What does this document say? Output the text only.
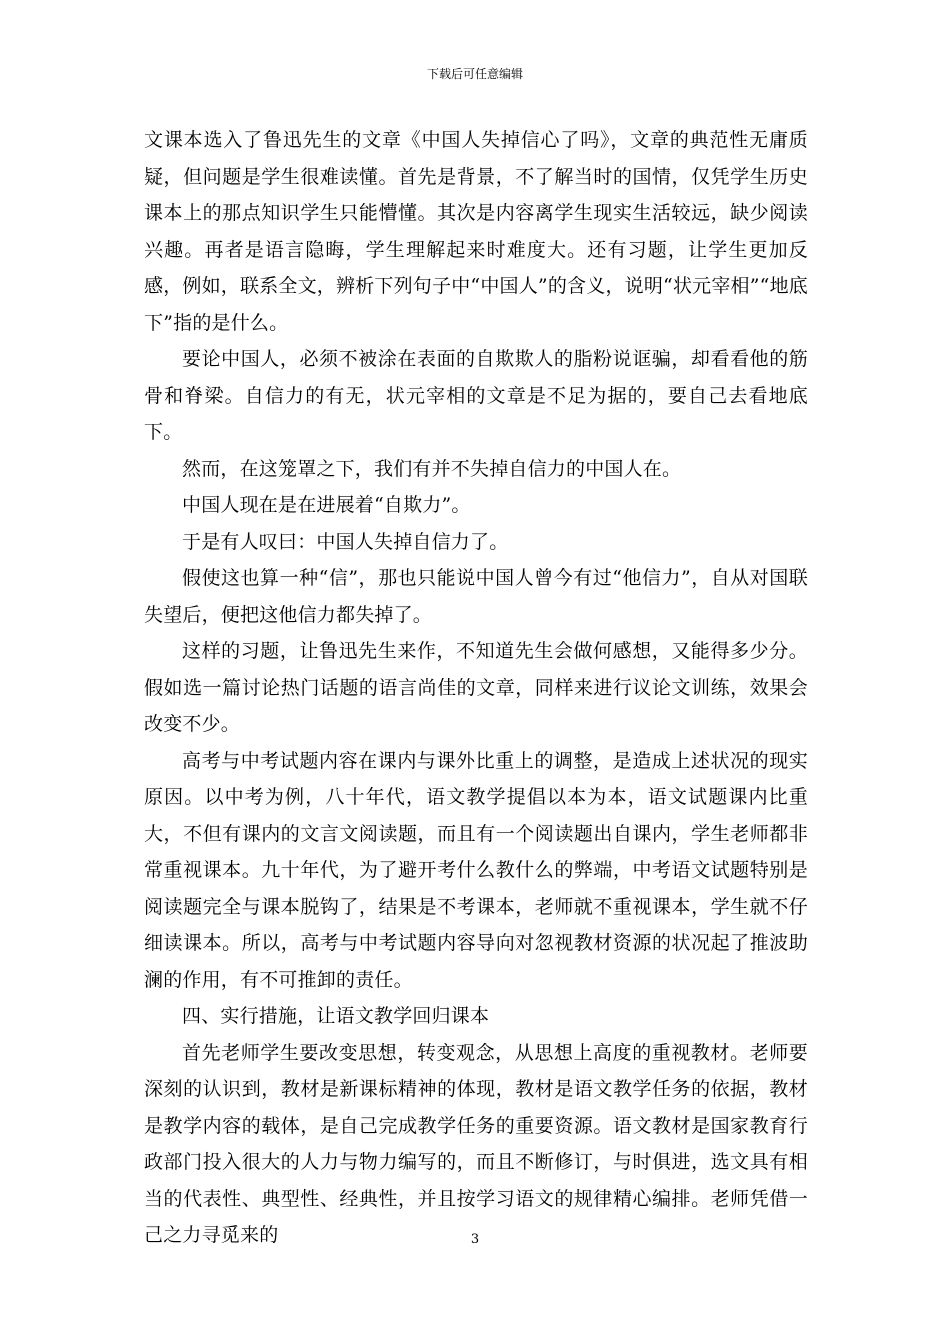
下载后可任意编辑

文课本选入了鲁迅先生的文章《中国人失掉信心了吗》，文章的典范性无庸质疑，但问题是学生很难读懂。首先是背景，不了解当时的国情，仅凭学生历史课本上的那点知识学生只能懵懂。其次是内容离学生现实生活较远，缺少阅读兴趣。再者是语言隐晦，学生理解起来时难度大。还有习题，让学生更加反感，例如，联系全文，辨析下列句子中“中国人”的含义，说明“状元宰相”“地底下”指的是什么。

要论中国人，必须不被涂在表面的自欺欺人的脂粉说诓骗，却看看他的筋骨和脊梁。自信力的有无，状元宰相的文章是不足为据的，要自己去看地底下。

然而，在这笼罩之下，我们有并不失掉自信力的中国人在。

中国人现在是在进展着“自欺力”。

于是有人叹曰：中国人失掉自信力了。

假使这也算一种“信”，那也只能说中国人曾今有过“他信力”，自从对国联失望后，便把这他信力都失掉了。

这样的习题，让鲁迅先生来作，不知道先生会做何感想，又能得多少分。假如选一篇讨论热门话题的语言尚佳的文章，同样来进行议论文训练，效果会改变不少。

高考与中考试题内容在课内与课外比重上的调整，是造成上述状况的现实原因。以中考为例，八十年代，语文教学提倡以本为本，语文试题课内比重大，不但有课内的文言文阅读题，而且有一个阅读题出自课内，学生老师都非常重视课本。九十年代，为了避开考什么教什么的弊端，中考语文试题特别是阅读题完全与课本脱钩了，结果是不考课本，老师就不重视课本，学生就不仔细读课本。所以，高考与中考试题内容导向对忽视教材资源的状况起了推波助澜的作用，有不可推卸的责任。

四、实行措施，让语文教学回归课本

首先老师学生要改变思想，转变观念，从思想上高度的重视教材。老师要深刻的认识到，教材是新课标精神的体现，教材是语文教学任务的依据，教材是教学内容的载体，是自己完成教学任务的重要资源。语文教材是国家教育行政部门投入很大的人力与物力编写的，而且不断修订，与时俱进，选文具有相当的代表性、典型性、经典性，并且按学习语文的规律精心编排。老师凭借一己之力寻觅来的	3
